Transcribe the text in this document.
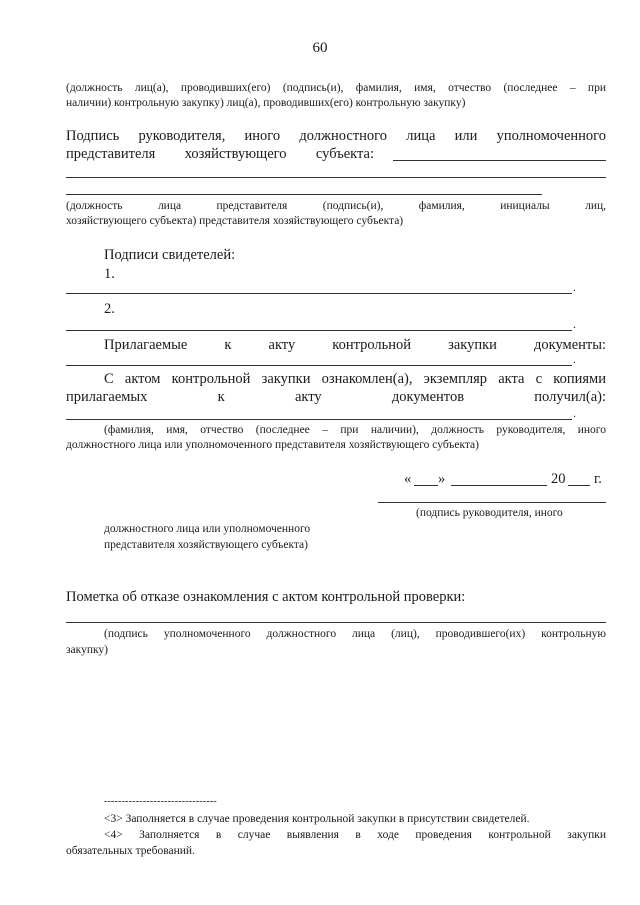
60
(должность лиц(а), проводивших(его) (подпись(и), фамилия, имя, отчество (последнее – при
наличии) контрольную закупку) лиц(а), проводивших(его) контрольную закупку)
Подпись руководителя, иного должностного лица или уполномоченного
представителя хозяйствующего субъекта:
(должность лица представителя (подпись(и), фамилия, инициалы лиц,
хозяйствующего субъекта) представителя хозяйствующего субъекта)
Подписи свидетелей:
1.
.
2.
.
Прилагаемые к акту контрольной закупки документы:
.
С актом контрольной закупки ознакомлен(а), экземпляр акта с копиями
прилагаемых к акту документов получил(а):
.
(фамилия, имя, отчество (последнее – при наличии), должность руководителя, иного
должностного лица или уполномоченного представителя хозяйствующего субъекта)
« »	20 г.
(подпись руководителя, иного
должностного лица или уполномоченного
представителя хозяйствующего субъекта)
Пометка об отказе ознакомления с актом контрольной проверки:
(подпись уполномоченного должностного лица (лиц), проводившего(их) контрольную
закупку)
--------------------------------
<3> Заполняется в случае проведения контрольной закупки в присутствии свидетелей.
<4> Заполняется в случае выявления в ходе проведения контрольной закупки
обязательных требований.
